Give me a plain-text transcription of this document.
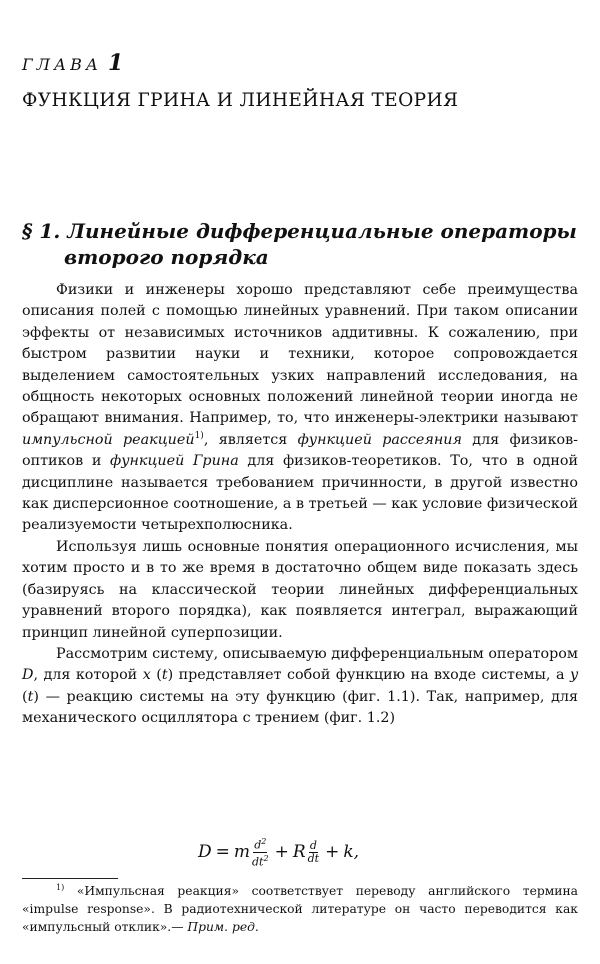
ГЛАВА 1
ФУНКЦИЯ ГРИНА И ЛИНЕЙНАЯ ТЕОРИЯ
§ 1. Линейные дифференциальные операторы
второго порядка

Физики и инженеры хорошо представляют себе преимущества описания полей с помощью линейных уравнений. При таком описании эффекты от независимых источников аддитивны. К сожалению, при быстром развитии науки и техники, которое сопровождается выделением самостоятельных узких направлений исследования, на общность некоторых основных положений линейной теории иногда не обращают внимания. Например, то, что инженеры-электрики называют импульсной реакцией$^{1)}$, является функцией рассеяния для физиков-оптиков и функцией Грина для физиков-теоретиков. То, что в одной дисциплине называется требованием причинности, в другой известно как дисперсионное соотношение, а в третьей — как условие физической реализуемости четырехполюсника.

Используя лишь основные понятия операционного исчисления, мы хотим просто и в то же время в достаточно общем виде показать здесь (базируясь на классической теории линейных дифференциальных уравнений второго порядка), как появляется интеграл, выражающий принцип линейной суперпозиции.

Рассмотрим систему, описываемую дифференциальным оператором D, для которой x (t) представляет собой функцию на входе системы, а y (t) — реакцию системы на эту функцию (фиг. 1.1). Так, например, для механического осциллятора с трением (фиг. 1.2)

D = m $\frac{d^2}{dt^2} + R \frac{d}{dt} + k$,
$^{1)}$ «Импульсная реакция» соответствует переводу английского термина «impulse response». В радиотехнической литературе он часто переводится как «импульсный отклик».— Прим. ред.
